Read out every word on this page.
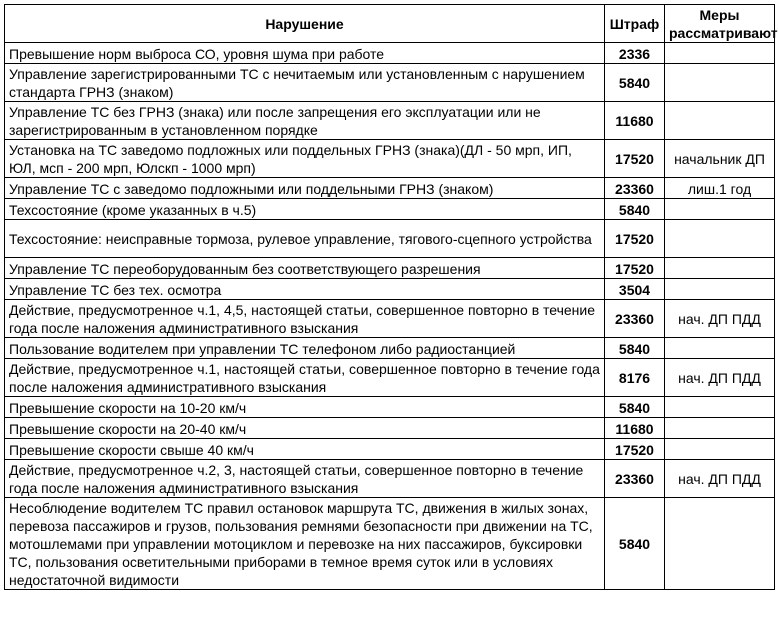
Нарушение	Штраф	Меры рассматривают
Превышение норм выброса СО, уровня шума при работе	2336	
Управление зарегистрированными ТС с нечитаемым или установленным с нарушением стандарта ГРНЗ (знаком)	5840	
Управление ТС без ГРНЗ (знака) или после запрещения его эксплуатации или не зарегистрированным в установленном порядке	11680	
Установка на ТС заведомо подложных или поддельных ГРНЗ (знака)(ДЛ - 50 мрп, ИП, ЮЛ, мсп - 200 мрп, Юлскп - 1000 мрп)	17520	начальник ДП
Управление ТС с заведомо подложными или поддельными ГРНЗ (знаком)	23360	лиш.1 год
Техсостояние (кроме указанных в ч.5)	5840	
Техсостояние: неисправные тормоза, рулевое управление, тягового-сцепного устройства	17520	
Управление ТС переоборудованным без соответствующего разрешения	17520	
Управление ТС без тех. осмотра	3504	
Действие, предусмотренное ч.1, 4,5, настоящей статьи, совершенное повторно в течение года после наложения административного взыскания	23360	нач. ДП ПДД
Пользование водителем при управлении ТС телефоном либо радиостанцией	5840	
Действие, предусмотренное ч.1, настоящей статьи, совершенное повторно в течение года после наложения административного взыскания	8176	нач. ДП ПДД
Превышение скорости на 10-20 км/ч	5840	
Превышение скорости на 20-40 км/ч	11680	
Превышение скорости свыше 40 км/ч	17520	
Действие, предусмотренное ч.2, 3, настоящей статьи, совершенное повторно в течение года после наложения административного взыскания	23360	нач. ДП ПДД
Несоблюдение водителем ТС правил остановок маршрута ТС, движения в жилых зонах, перевоза пассажиров и грузов, пользования ремнями безопасности при движении на ТС, мотошлемами при управлении мотоциклом и перевозке на них пассажиров, буксировки ТС, пользования осветительными приборами в темное время суток или в условиях недостаточной видимости	5840	
